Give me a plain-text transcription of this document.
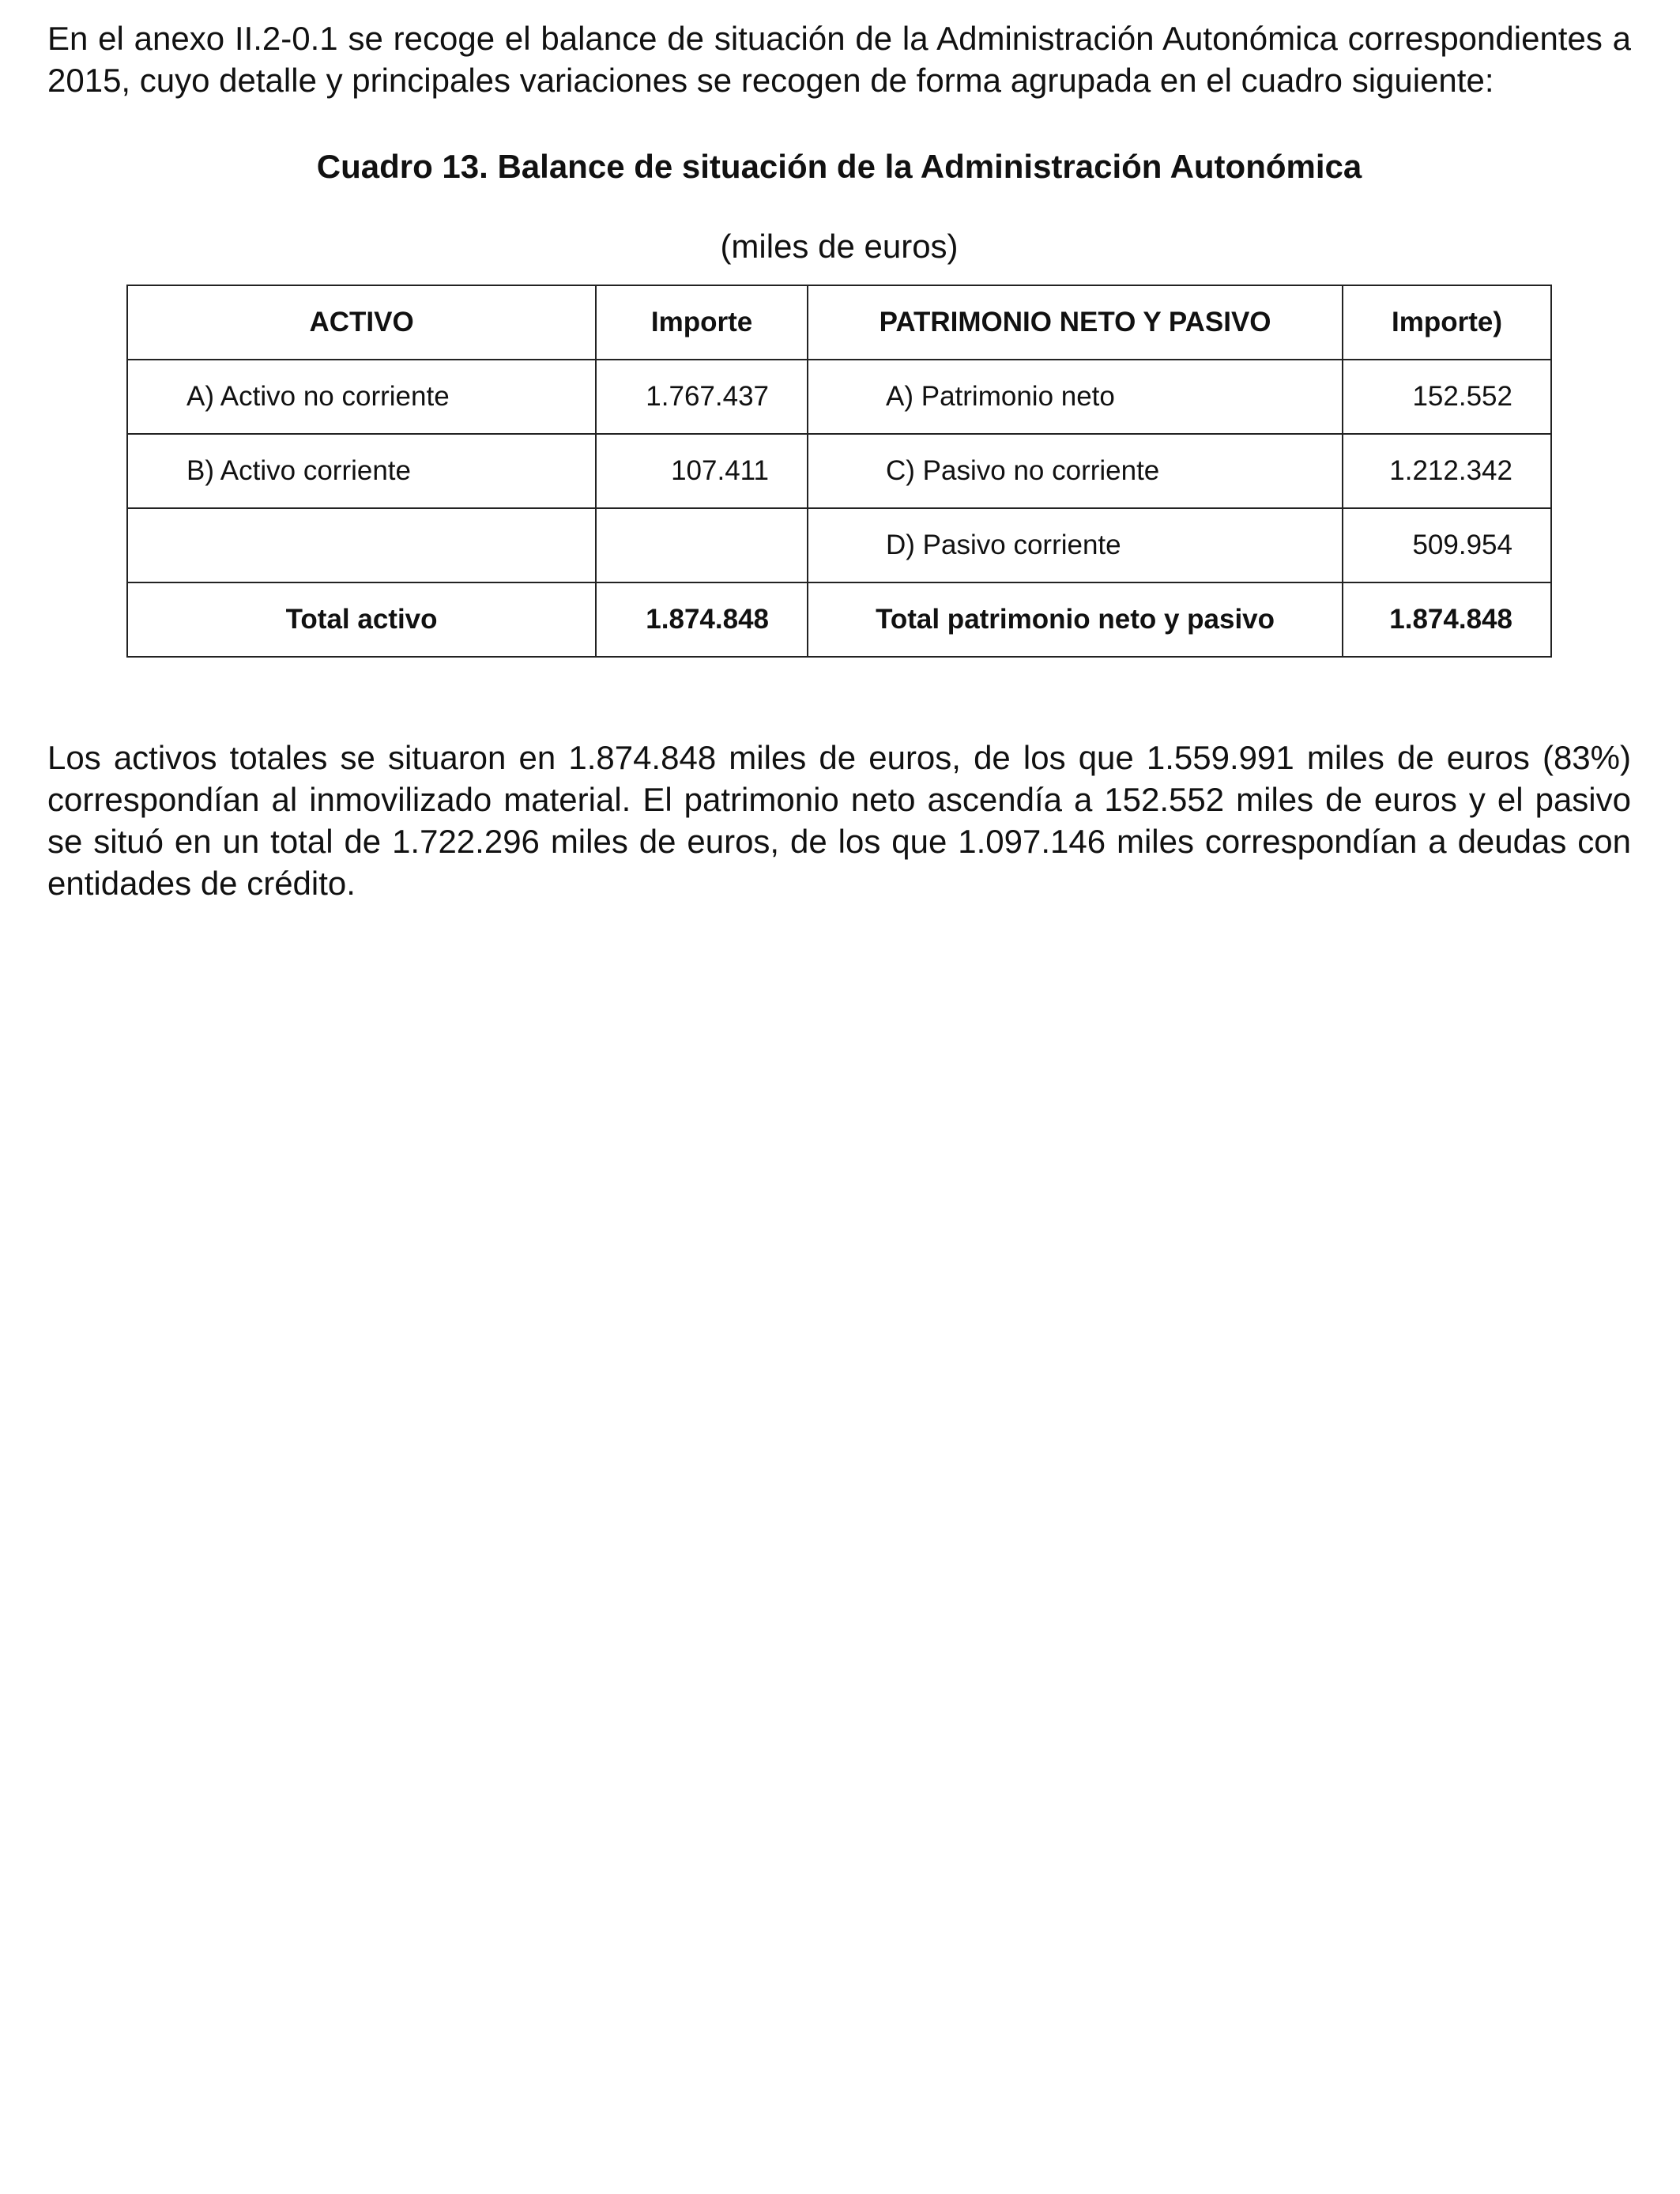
En el anexo II.2-0.1 se recoge el balance de situación de la Administración Autonómica correspondientes a 2015, cuyo detalle y principales variaciones se recogen de forma agrupada en el cuadro siguiente:

Cuadro 13. Balance de situación de la Administración Autonómica
(miles de euros)
ACTIVO	Importe	PATRIMONIO NETO Y PASIVO	Importe)
A) Activo no corriente	1.767.437	A) Patrimonio neto	152.552
B) Activo corriente	107.411	C) Pasivo no corriente	1.212.342
		D) Pasivo corriente	509.954
Total activo	1.874.848	Total patrimonio neto y pasivo	1.874.848

Los activos totales se situaron en 1.874.848 miles de euros, de los que 1.559.991 miles de euros (83%) correspondían al inmovilizado material. El patrimonio neto ascendía a 152.552 miles de euros y el pasivo se situó en un total de 1.722.296 miles de euros, de los que 1.097.146 miles correspondían a deudas con entidades de crédito.
